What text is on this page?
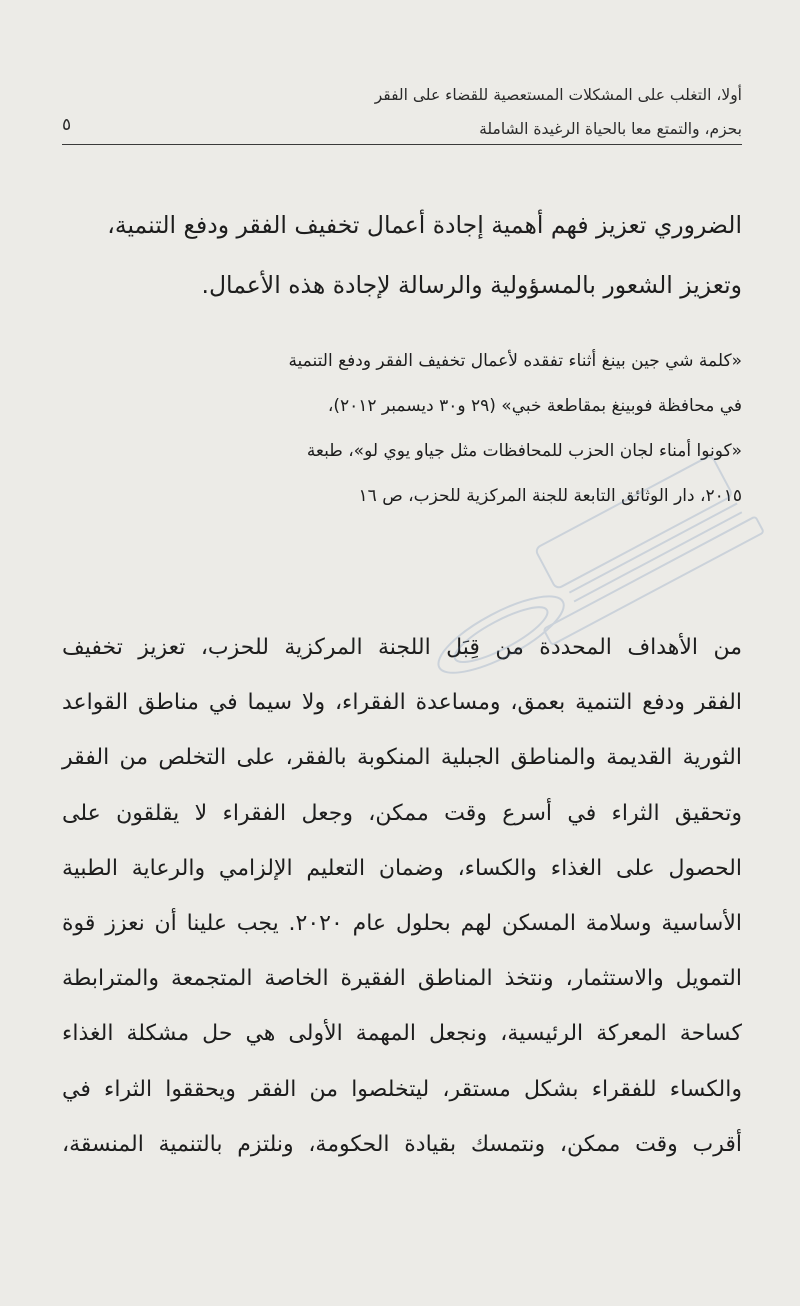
أولا، التغلب على المشكلات المستعصية للقضاء على الفقر
بحزم، والتمتع معا بالحياة الرغيدة الشاملة
٥
الضروري تعزيز فهم أهمية إجادة أعمال تخفيف الفقر ودفع التنمية،
وتعزيز الشعور بالمسؤولية والرسالة لإجادة هذه الأعمال.
«كلمة شي جين بينغ أثناء تفقده لأعمال تخفيف الفقر ودفع التنمية
في محافظة فوبينغ بمقاطعة خبي» (٢٩ و٣٠ ديسمبر ٢٠١٢)،
«كونوا أمناء لجان الحزب للمحافظات مثل جياو يوي لو»، طبعة
٢٠١٥، دار الوثائق التابعة للجنة المركزية للحزب، ص ١٦
من الأهداف المحددة من قِبَل اللجنة المركزية للحزب، تعزيز تخفيف
الفقر ودفع التنمية بعمق، ومساعدة الفقراء، ولا سيما في مناطق القواعد
الثورية القديمة والمناطق الجبلية المنكوبة بالفقر، على التخلص من الفقر
وتحقيق الثراء في أسرع وقت ممكن، وجعل الفقراء لا يقلقون على
الحصول على الغذاء والكساء، وضمان التعليم الإلزامي والرعاية الطبية
الأساسية وسلامة المسكن لهم بحلول عام ٢٠٢٠. يجب علينا أن نعزز قوة
التمويل والاستثمار، ونتخذ المناطق الفقيرة الخاصة المتجمعة والمترابطة
كساحة المعركة الرئيسية، ونجعل المهمة الأولى هي حل مشكلة الغذاء
والكساء للفقراء بشكل مستقر، ليتخلصوا من الفقر ويحققوا الثراء في
أقرب وقت ممكن، ونتمسك بقيادة الحكومة، ونلتزم بالتنمية المنسقة،
